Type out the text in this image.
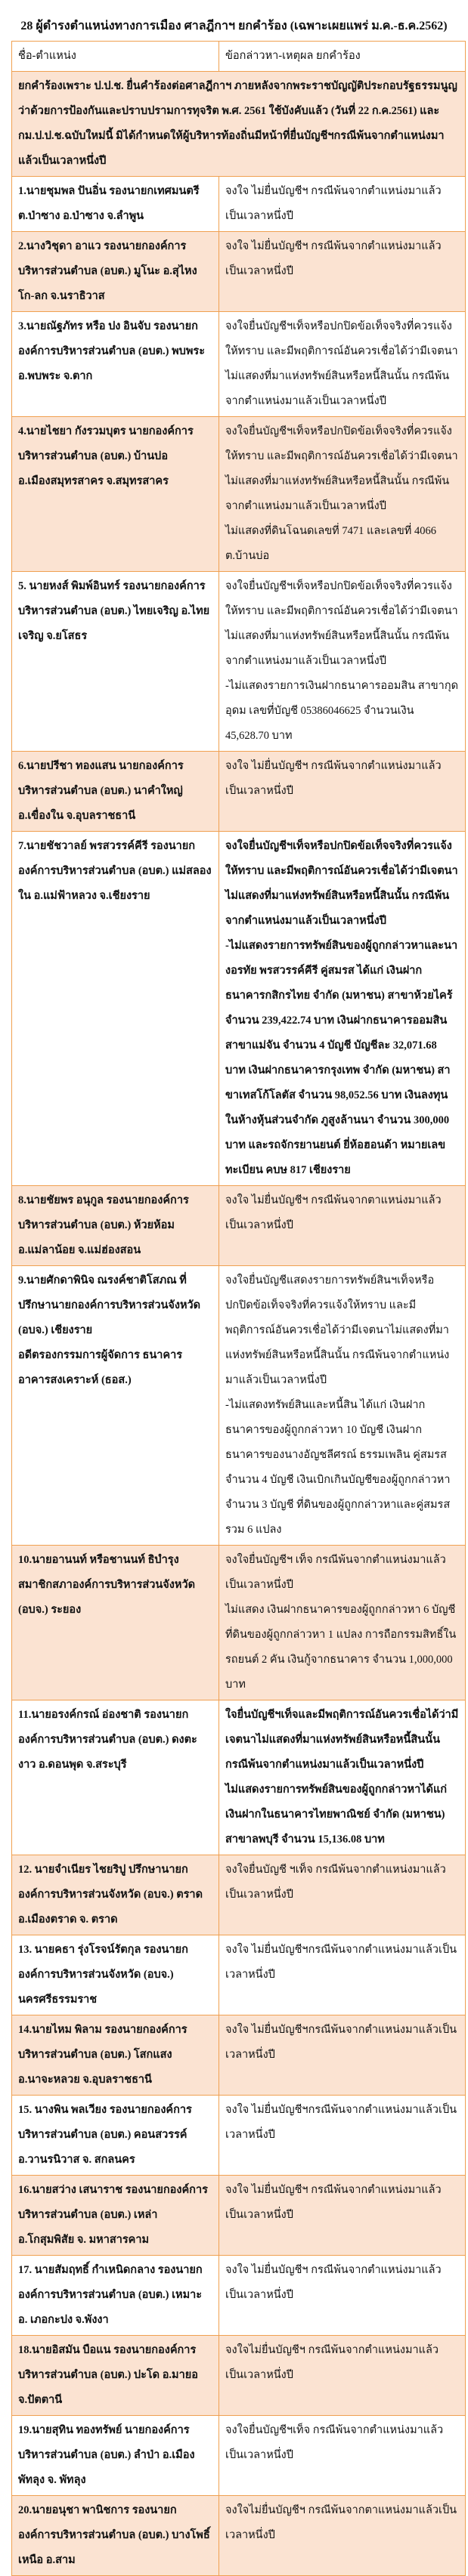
28 ผู้ดำรงตำแหน่งทางการเมือง ศาลฎีกาฯ ยกคำร้อง (เฉพาะเผยแพร่ ม.ค.-ธ.ค.2562)
ชื่อ-ตำแหน่ง	ข้อกล่าวหา-เหตุผล ยกคำร้อง
ยกคำร้องเพราะ ป.ป.ช. ยื่นคำร้องต่อศาลฎีกาฯ ภายหลังจากพระราชบัญญัติประกอบรัฐธรรมนูญว่าด้วยการป้องกันและปราบปรามการทุจริต พ.ศ. 2561 ใช้บังคับแล้ว (วันที่ 22 ก.ค.2561) และ กม.ป.ป.ช.ฉบับใหม่นี้ มิได้กำหนดให้ผู้บริหารท้องถิ่นมีหน้าที่ยื่นบัญชีฯกรณีพ้นจากตำแหน่งมาแล้วเป็นเวลาหนึ่งปี	

1.นายชุมพล ปันอิ่น รองนายกเทศมนตรี ต.ป่าซาง อ.ป่าซาง จ.ลำพูน	จงใจ ไม่ยื่นบัญชีฯ กรณีพ้นจากตำแหน่งมาแล้วเป็นเวลาหนึ่งปี

2.นางวิชุดา อาแว รองนายกองค์การบริหารส่วนตำบล (อบต.) มูโนะ อ.สุไหงโก-ลก จ.นราธิวาส	จงใจ ไม่ยื่นบัญชีฯ กรณีพ้นจากตำแหน่งมาแล้วเป็นเวลาหนึ่งปี

3.นายณัฐภัทร หรือ ปง อินจับ รองนายกองค์การบริหารส่วนตำบล (อบต.) พบพระ อ.พบพระ จ.ตาก	จงใจยื่นบัญชีฯเท็จหรือปกปิดข้อเท็จจริงที่ควรแจ้งให้ทราบ และมีพฤติการณ์อันควรเชื่อได้ว่ามีเจตนาไม่แสดงที่มาแห่งทรัพย์สินหรือหนี้สินนั้น กรณีพ้นจากตำแหน่งมาแล้วเป็นเวลาหนึ่งปี

4.นายไชยา กังรวมบุตร นายกองค์การบริหารส่วนตำบล (อบต.) บ้านบ่อ
อ.เมืองสมุทรสาคร จ.สมุทรสาคร	จงใจยื่นบัญชีฯเท็จหรือปกปิดข้อเท็จจริงที่ควรแจ้งให้ทราบ และมีพฤติการณ์อันควรเชื่อได้ว่ามีเจตนาไม่แสดงที่มาแห่งทรัพย์สินหรือหนี้สินนั้น กรณีพ้นจากตำแหน่งมาแล้วเป็นเวลาหนึ่งปี
ไม่แสดงที่ดินโฉนดเลขที่ 7471 และเลขที่ 4066 ต.บ้านบ่อ

5. นายหงส์ พิมพ์อินทร์ รองนายกองค์การบริหารส่วนตำบล (อบต.) ไทยเจริญ อ.ไทยเจริญ จ.ยโสธร	จงใจยื่นบัญชีฯเท็จหรือปกปิดข้อเท็จจริงที่ควรแจ้งให้ทราบ และมีพฤติการณ์อันควรเชื่อได้ว่ามีเจตนาไม่แสดงที่มาแห่งทรัพย์สินหรือหนี้สินนั้น กรณีพ้นจากตำแหน่งมาแล้วเป็นเวลาหนึ่งปี
-ไม่แสดงรายการเงินฝากธนาคารออมสิน สาขากุดอุดม เลขที่บัญชี 05386046625 จำนวนเงิน 45,628.70 บาท

6.นายปรีชา ทองแสน นายกองค์การบริหารส่วนตำบล (อบต.) นาคำใหญ่
อ.เขื่องใน จ.อุบลราชธานี	จงใจ ไม่ยื่นบัญชีฯ กรณีพ้นจากตำแหน่งมาแล้วเป็นเวลาหนึ่งปี

7.นายชัชวาลย์ พรสวรรค์คีรี รองนายกองค์การบริหารส่วนตำบล (อบต.) แม่สลองใน อ.แม่ฟ้าหลวง จ.เชียงราย	จงใจยื่นบัญชีฯเท็จหรือปกปิดข้อเท็จจริงที่ควรแจ้งให้ทราบ และมีพฤติการณ์อันควรเชื่อได้ว่ามีเจตนาไม่แสดงที่มาแห่งทรัพย์สินหรือหนี้สินนั้น กรณีพ้นจากตำแหน่งมาแล้วเป็นเวลาหนึ่งปี
-ไม่แสดงรายการทรัพย์สินของผู้ถูกกล่าวหาและนางอรทัย พรสวรรค์คีรี คู่สมรส ได้แก่ เงินฝากธนาคารกสิกรไทย จำกัด (มหาชน) สาขาห้วยไคร้ จำนวน 239,422.74 บาท เงินฝากธนาคารออมสิน สาขาแม่จัน จำนวน 4 บัญชี บัญชีละ 32,071.68 บาท เงินฝากธนาคารกรุงเทพ จำกัด (มหาชน) สาขาเทสโก้โลตัส จำนวน 98,052.56 บาท เงินลงทุน ในห้างหุ้นส่วนจำกัด ภูสูงล้านนา จำนวน 300,000 บาท และรถจักรยานยนต์ ยี่ห้อฮอนด้า หมายเลขทะเบียน คบษ 817 เชียงราย

8.นายชัยพร อนุกูล รองนายกองค์การบริหารส่วนตำบล (อบต.) ห้วยห้อม
อ.แม่ลาน้อย จ.แม่ฮ่องสอน	จงใจ ไม่ยื่นบัญชีฯ กรณีพ้นจากตาแหน่งมาแล้วเป็นเวลาหนึ่งปี

9.นายศักดาพินิจ ณรงค์ชาติโสภณ ที่ปรึกษานายกองค์การบริหารส่วนจังหวัด (อบจ.) เชียงราย
อดีตรองกรรมการผู้จัดการ ธนาคารอาคารสงเคราะห์ (ธอส.)	จงใจยื่นบัญชีแสดงรายการทรัพย์สินฯเท็จหรือปกปิดข้อเท็จจริงที่ควรแจ้งให้ทราบ และมีพฤติการณ์อันควรเชื่อได้ว่ามีเจตนาไม่แสดงที่มาแห่งทรัพย์สินหรือหนี้สินนั้น กรณีพ้นจากตำแหน่งมาแล้วเป็นเวลาหนึ่งปี
-ไม่แสดงทรัพย์สินและหนี้สิน ได้แก่ เงินฝากธนาคารของผู้ถูกกล่าวหา 10 บัญชี เงินฝากธนาคารของนางอัญชลีศรณ์ ธรรมเพลิน คู่สมรส จำนวน 4 บัญชี เงินเบิกเกินบัญชีของผู้ถูกกล่าวหา จำนวน 3 บัญชี ที่ดินของผู้ถูกกล่าวหาและคู่สมรส รวม 6 แปลง

10.นายอานนท์ หรือชานนท์ ธิบำรุง สมาชิกสภาองค์การบริหารส่วนจังหวัด (อบจ.) ระยอง	จงใจยื่นบัญชีฯ เท็จ กรณีพ้นจากตำแหน่งมาแล้วเป็นเวลาหนึ่งปี
ไม่แสดง เงินฝากธนาคารของผู้ถูกกล่าวหา 6 บัญชี ที่ดินของผู้ถูกกล่าวหา 1 แปลง การถือกรรมสิทธิ์ในรถยนต์ 2 คัน เงินกู้จากธนาคาร จำนวน 1,000,000 บาท

11.นายอรงค์กรณ์ อ่องชาติ รองนายกองค์การบริหารส่วนตำบล (อบต.) ดงตะงาว อ.ดอนพุด จ.สระบุรี	ใจยื่นบัญชีฯเท็จและมีพฤติการณ์อันควรเชื่อได้ว่ามีเจตนาไม่แสดงที่มาแห่งทรัพย์สินหรือหนี้สินนั้น กรณีพ้นจากตำแหน่งมาแล้วเป็นเวลาหนึ่งปี
ไม่แสดงรายการทรัพย์สินของผู้ถูกกล่าวหาได้แก่ เงินฝากในธนาคารไทยพาณิชย์ จำกัด (มหาชน) สาขาลพบุรี จำนวน 15,136.08 บาท

12. นายจำเนียร ไชยริปู ปรึกษานายกองค์การบริหารส่วนจังหวัด (อบจ.) ตราด อ.เมืองตราด จ. ตราด	จงใจยื่นบัญชี ฯเท็จ กรณีพ้นจากตำแหน่งมาแล้วเป็นเวลาหนึ่งปี

13. นายคธา รุ่งโรจน์รัตกุล รองนายกองค์การบริหารส่วนจังหวัด (อบจ.) นครศรีธรรมราช	จงใจ ไม่ยื่นบัญชีฯกรณีพ้นจากตำแหน่งมาแล้วเป็นเวลาหนึ่งปี

14.นายไหม พิลาม รองนายกองค์การบริหารส่วนตำบล (อบต.) โสกแสง
อ.นาจะหลวย จ.อุบลราชธานี	จงใจ ไม่ยื่นบัญชีฯกรณีพ้นจากตำแหน่งมาแล้วเป็นเวลาหนึ่งปี

15. นางพิน พลเวียง รองนายกองค์การบริหารส่วนตำบล (อบต.) คอนสวรรค์ อ.วานรนิวาส จ. สกลนคร	จงใจ ไม่ยื่นบัญชีฯกรณีพ้นจากตำแหน่งมาแล้วเป็นเวลาหนึ่งปี

16.นายสว่าง เสนาราช รองนายกองค์การบริหารส่วนตำบล (อบต.) เหล่า อ.โกสุมพิสัย จ. มหาสารคาม	จงใจ ไม่ยื่นบัญชีฯ กรณีพ้นจากตำแหน่งมาแล้วเป็นเวลาหนึ่งปี

17. นายสัมฤทธิ์ กำเหนิดกลาง รองนายกองค์การบริหารส่วนตำบล (อบต.) เหมาะ อ. เภอกะปง จ.พังงา	จงใจ ไม่ยื่นบัญชีฯ กรณีพ้นจากตำแหน่งมาแล้วเป็นเวลาหนึ่งปี

18.นายอิสมัน บือแน รองนายกองค์การบริหารส่วนตำบล (อบต.) ปะโด อ.มายอ จ.ปัตตานี	จงใจไม่ยื่นบัญชีฯ กรณีพ้นจากตำแหน่งมาแล้ว เป็นเวลาหนึ่งปี

19.นายสุทิน ทองทรัพย์ นายกองค์การบริหารส่วนตำบล (อบต.) ลำป่า อ.เมืองพัทลุง จ. พัทลุง	จงใจยื่นบัญชีฯเท็จ กรณีพ้นจากตำแหน่งมาแล้วเป็นเวลาหนึ่งปี

20.นายอนุชา พานิชการ รองนายกองค์การบริหารส่วนตำบล (อบต.) บางโพธิ์เหนือ อ.สาม	จงใจไม่ยื่นบัญชีฯ กรณีพ้นจากตาแหน่งมาแล้วเป็นเวลาหนึ่งปี
